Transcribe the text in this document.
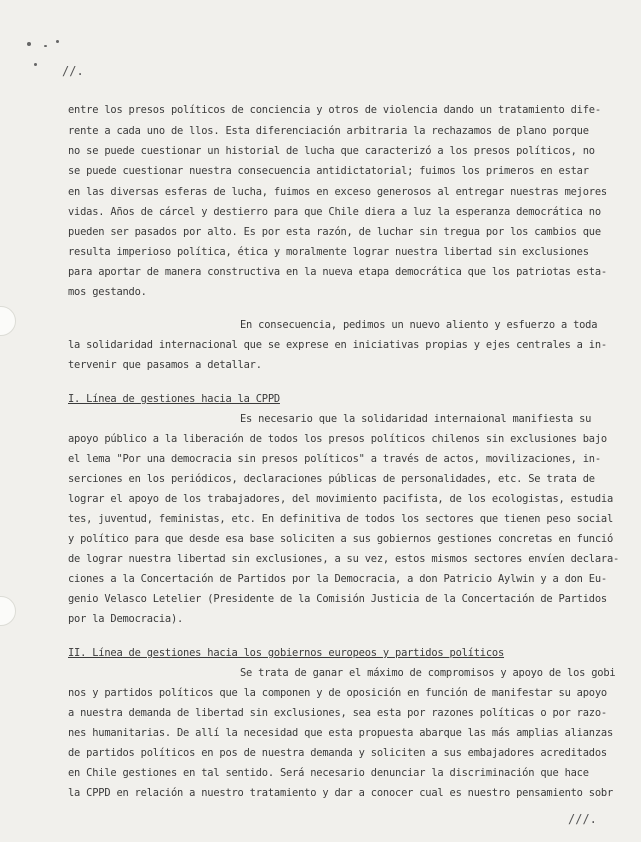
//.
entre los presos políticos de conciencia y otros de violencia dando un tratamiento dife-
rente a cada uno de llos. Esta diferenciación arbitraria la rechazamos de plano porque
no se puede cuestionar un historial de lucha que caracterizó a los presos políticos, no
se puede cuestionar nuestra consecuencia antidictatorial; fuimos los primeros en estar
en las diversas esferas de lucha, fuimos en exceso generosos al entregar nuestras mejores
vidas. Años de cárcel y destierro para que Chile diera a luz la esperanza democrática no
pueden ser pasados por alto. Es por esta razón, de luchar sin tregua por los cambios que
resulta imperioso política, ética y moralmente lograr nuestra libertad sin exclusiones
para aportar de manera constructiva en la nueva etapa democrática que los patriotas esta-
mos gestando.
En consecuencia, pedimos un nuevo aliento y esfuerzo a toda
la solidaridad internacional que se exprese en iniciativas propias y ejes centrales a in-
tervenir que pasamos a detallar.
I. Línea de gestiones hacia la CPPD
Es necesario que la solidaridad internaional manifiesta su
apoyo público a la liberación de todos los presos políticos chilenos sin exclusiones bajo
el lema "Por una democracia sin presos políticos" a través de actos, movilizaciones, in-
serciones en los periódicos, declaraciones públicas de personalidades, etc. Se trata de
lograr el apoyo de los trabajadores, del movimiento pacifista, de los ecologistas, estudia
tes, juventud, feministas, etc. En definitiva de todos los sectores que tienen peso social
y político para que desde esa base soliciten a sus gobiernos gestiones concretas en funció
de lograr nuestra libertad sin exclusiones, a su vez, estos mismos sectores envíen declara-
ciones a la Concertación de Partidos por la Democracia, a don Patricio Aylwin y a don Eu-
genio Velasco Letelier (Presidente de la Comisión Justicia de la Concertación de Partidos
por la Democracia).
II. Línea de gestiones hacia los gobiernos europeos y partidos políticos
Se trata de ganar el máximo de compromisos y apoyo de los gobi
nos y partidos políticos que la componen y de oposición en función de manifestar su apoyo
a nuestra demanda de libertad sin exclusiones, sea esta por razones políticas o por razo-
nes humanitarias. De allí la necesidad que esta propuesta abarque las más amplias alianzas
de partidos políticos en pos de nuestra demanda y soliciten a sus embajadores acreditados
en Chile gestiones en tal sentido. Será necesario denunciar la discriminación que hace
la CPPD en relación a nuestro tratamiento y dar a conocer cual es nuestro pensamiento sobr
///.
